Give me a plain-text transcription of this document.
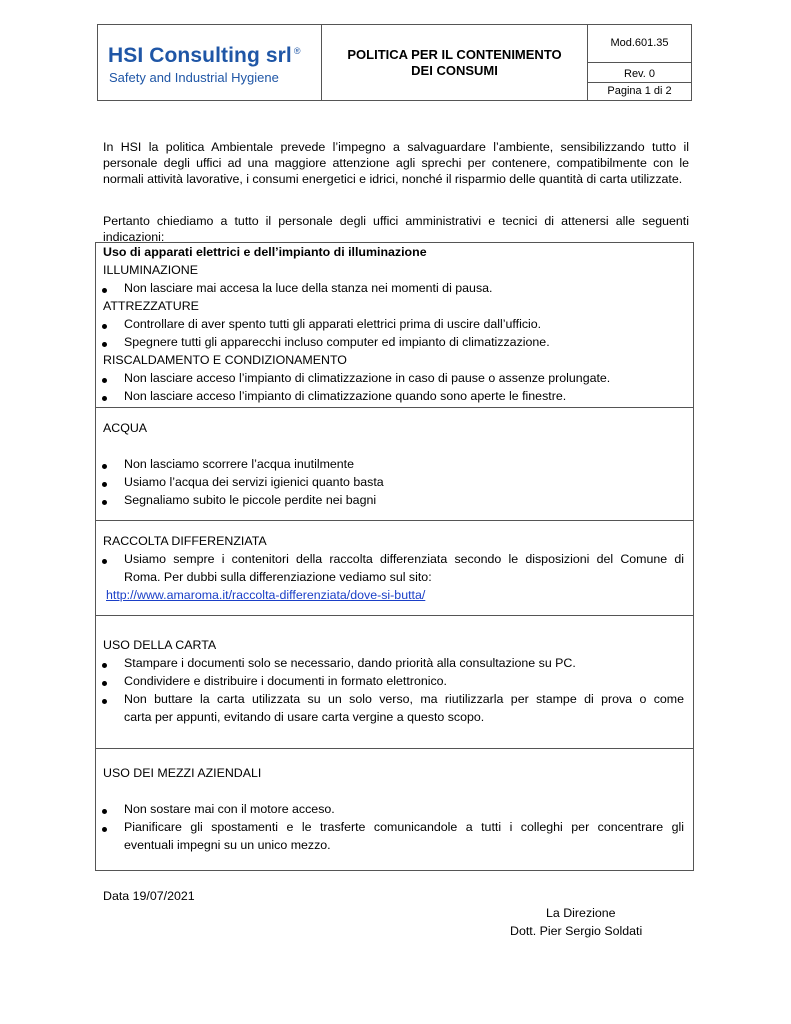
HSI Consulting srl ®
Safety and Industrial Hygiene
POLITICA PER IL CONTENIMENTO
DEI CONSUMI
Mod.601.35
Rev. 0
Pagina 1 di 2

In HSI la politica Ambientale prevede l’impegno a salvaguardare l’ambiente, sensibilizzando tutto il personale degli uffici ad una maggiore attenzione agli sprechi per contenere, compatibilmente con le normali attività lavorative, i consumi energetici e idrici, nonché il risparmio delle quantità di carta utilizzate.

Pertanto chiediamo a tutto il personale degli uffici amministrativi e tecnici di attenersi alle seguenti indicazioni:

Uso di apparati elettrici e dell’impianto di illuminazione
ILLUMINAZIONE
Non lasciare mai accesa la luce della stanza nei momenti di pausa.
ATTREZZATURE
Controllare di aver spento tutti gli apparati elettrici prima di uscire dall’ufficio.
Spegnere tutti gli apparecchi incluso computer ed impianto di climatizzazione.
RISCALDAMENTO E CONDIZIONAMENTO
Non lasciare acceso l’impianto di climatizzazione in caso di pause o assenze prolungate.
Non lasciare acceso l’impianto di climatizzazione quando sono aperte le finestre.
ACQUA
Non lasciamo scorrere l’acqua inutilmente
Usiamo l’acqua dei servizi igienici quanto basta
Segnaliamo subito le piccole perdite nei bagni
RACCOLTA DIFFERENZIATA
Usiamo sempre i contenitori della raccolta differenziata secondo le disposizioni del Comune di
Roma. Per dubbi sulla differenziazione vediamo sul sito:
http://www.amaroma.it/raccolta-differenziata/dove-si-butta/
USO DELLA CARTA
Stampare i documenti solo se necessario, dando priorità alla consultazione su PC.
Condividere e distribuire i documenti in formato elettronico.
Non buttare la carta utilizzata su un solo verso, ma riutilizzarla per stampe di prova o come
carta per appunti, evitando di usare carta vergine a questo scopo.
USO DEI MEZZI AZIENDALI
Non sostare mai con il motore acceso.
Pianificare gli spostamenti e le trasferte comunicandole a tutti i colleghi per concentrare gli
eventuali impegni su un unico mezzo.
Data 19/07/2021
La Direzione
Dott. Pier Sergio Soldati
